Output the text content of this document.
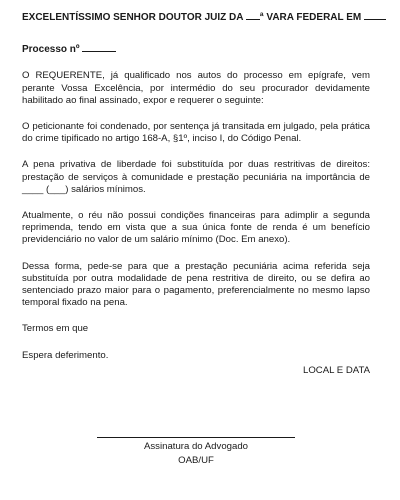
EXCELENTÍSSIMO SENHOR DOUTOR JUIZ DA ª VARA FEDERAL EM
Processo nº

O REQUERENTE, já qualificado nos autos do processo em epígrafe, vem perante Vossa Excelência, por intermédio do seu procurador devidamente habilitado ao final assinado, expor e requerer o seguinte:

O peticionante foi condenado, por sentença já transitada em julgado, pela prática do crime tipificado no artigo 168-A, §1º, inciso I, do Código Penal.

A pena privativa de liberdade foi substituída por duas restritivas de direitos: prestação de serviços à comunidade e prestação pecuniária na importância de ____ (___) salários mínimos.

Atualmente, o réu não possui condições financeiras para adimplir a segunda reprimenda, tendo em vista que a sua única fonte de renda é um benefício previdenciário no valor de um salário mínimo (Doc. Em anexo).

Dessa forma, pede-se para que a prestação pecuniária acima referida seja substituída por outra modalidade de pena restritiva de direito, ou se defira ao sentenciado prazo maior para o pagamento, preferencialmente no mesmo lapso temporal fixado na pena.

Termos em que

Espera deferimento.

LOCAL E DATA
Assinatura do Advogado
OAB/UF
